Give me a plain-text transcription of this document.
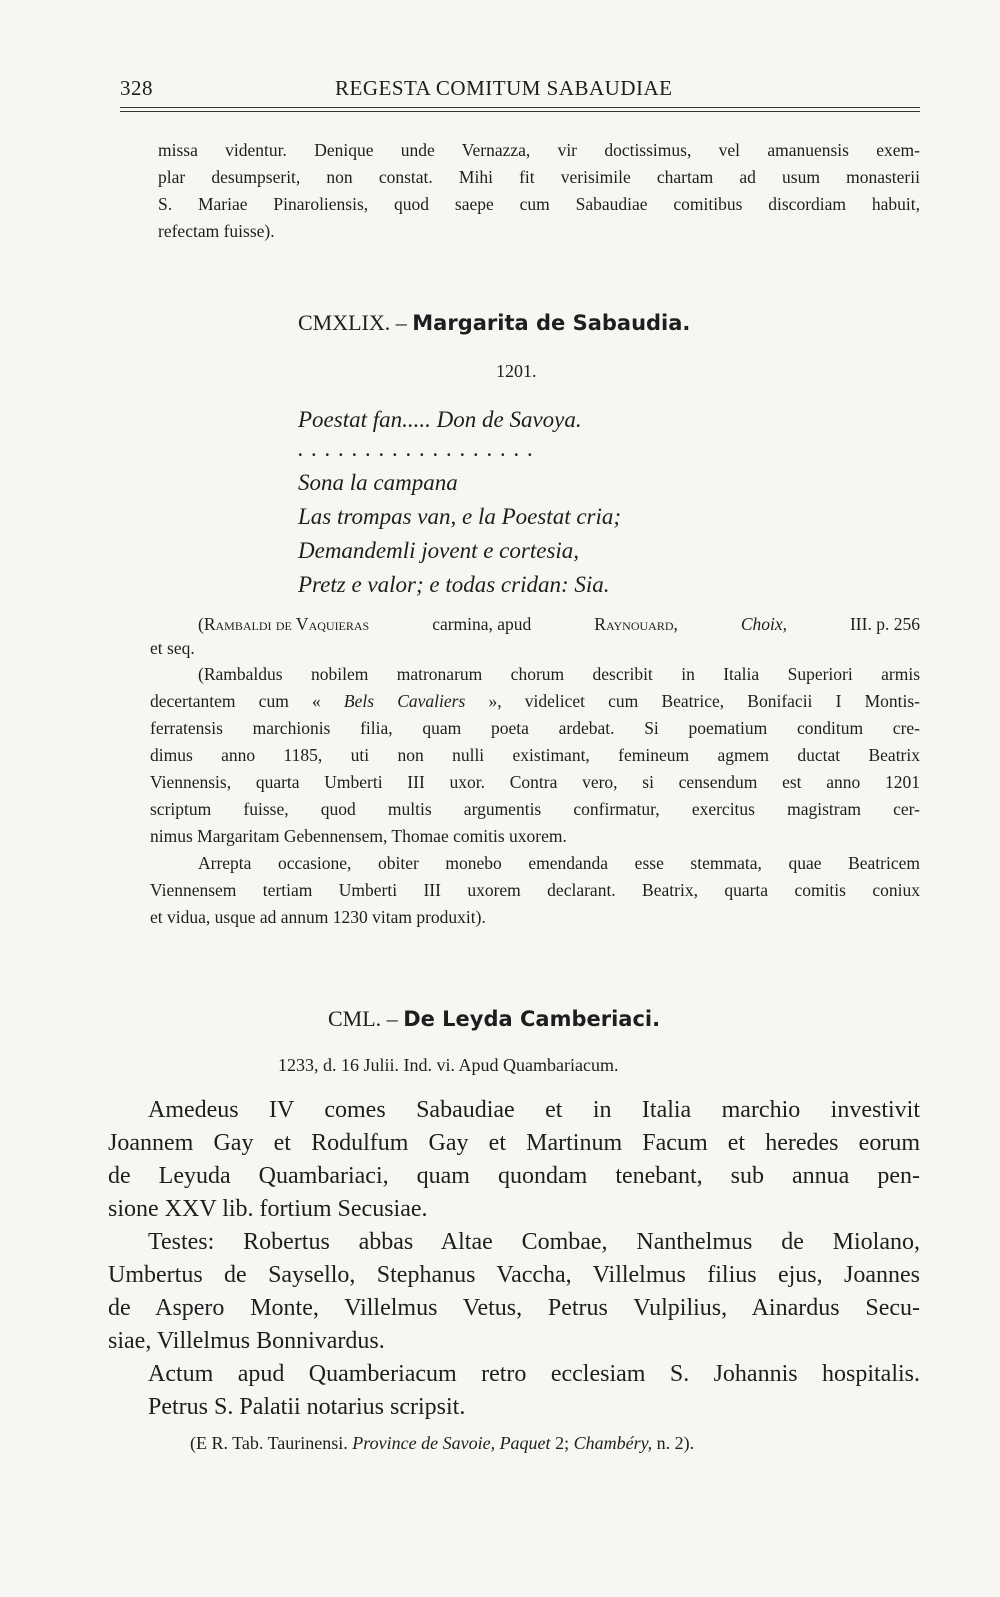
328	REGESTA COMITUM SABAUDIAE
missa videntur. Denique unde Vernazza, vir doctissimus, vel amanuensis exem-
plar desumpserit, non constat. Mihi fit verisimile chartam ad usum monasterii
S. Mariae Pinaroliensis, quod saepe cum Sabaudiae comitibus discordiam habuit,
refectam fuisse).
CMXLIX. – Margarita de Sabaudia.
1201.
Poestat fan..... Don de Savoya.
. . . . . . . . . . . . . . . . . .
Sona la campana
Las trompas van, e la Poestat cria;
Demandemli jovent e cortesia,
Pretz e valor; e todas cridan: Sia.
(Rambaldi de Vaquieras	carmina, apud	Raynouard,	Choix,	III. p. 256
et seq.
(Rambaldus nobilem matronarum chorum describit in Italia Superiori armis
decertantem cum « Bels Cavaliers », videlicet cum Beatrice, Bonifacii I Montis-
ferratensis marchionis filia, quam poeta ardebat. Si poematium conditum cre-
dimus anno 1185, uti non nulli existimant, femineum agmem ductat Beatrix
Viennensis, quarta Umberti III uxor. Contra vero, si censendum est anno 1201
scriptum fuisse, quod multis argumentis confirmatur, exercitus magistram cer-
nimus Margaritam Gebennensem, Thomae comitis uxorem.
Arrepta occasione, obiter monebo emendanda esse stemmata, quae Beatricem
Viennensem tertiam Umberti III uxorem declarant. Beatrix, quarta comitis coniux
et vidua, usque ad annum 1230 vitam produxit).
CML. – De Leyda Camberiaci.
1233, d. 16 Julii. Ind. vi. Apud Quambariacum.
Amedeus IV comes Sabaudiae et in Italia marchio investivit
Joannem Gay et Rodulfum Gay et Martinum Facum et heredes eorum
de Leyuda Quambariaci, quam quondam tenebant, sub annua pen-
sione XXV lib. fortium Secusiae.
Testes: Robertus abbas Altae Combae, Nanthelmus de Miolano,
Umbertus de Saysello, Stephanus Vaccha, Villelmus filius ejus, Joannes
de Aspero Monte, Villelmus Vetus, Petrus Vulpilius, Ainardus Secu-
siae, Villelmus Bonnivardus.
Actum apud Quamberiacum retro ecclesiam S. Johannis hospitalis.
Petrus S. Palatii notarius scripsit.
(E R. Tab. Taurinensi. Province de Savoie, Paquet 2; Chambéry, n. 2).
